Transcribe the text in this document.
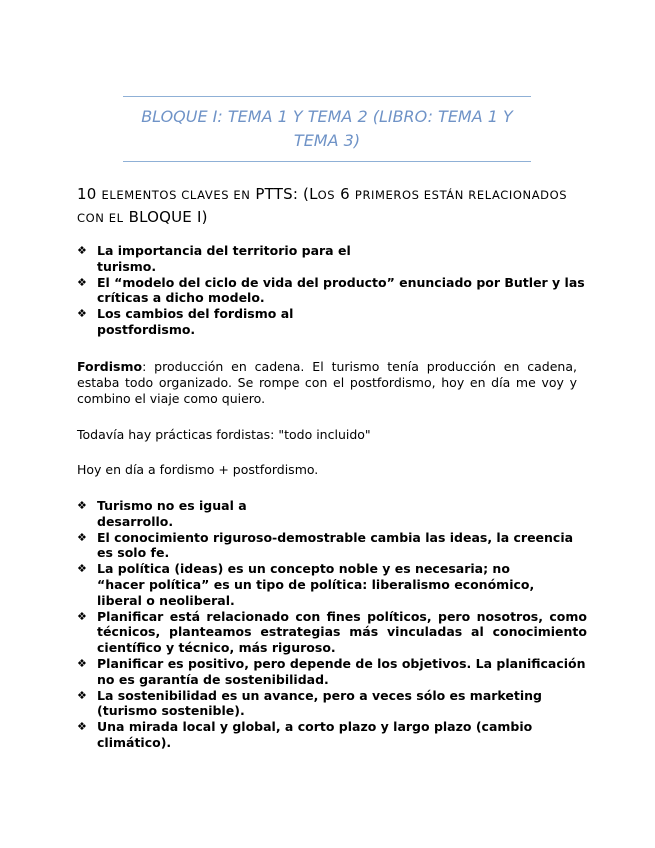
BLOQUE I: TEMA 1 Y TEMA 2 (LIBRO: TEMA 1 Y TEMA 3)
10 ELEMENTOS CLAVES EN PTTS: (LOS 6 PRIMEROS ESTÁN RELACIONADOS CON EL BLOQUE I)
❖ La importancia del territorio para el turismo.
❖ El “modelo del ciclo de vida del producto” enunciado por Butler y las críticas a dicho modelo.
❖ Los cambios del fordismo al postfordismo.

Fordismo: producción en cadena. El turismo tenía producción en cadena, estaba todo organizado. Se rompe con el postfordismo, hoy en día me voy y combino el viaje como quiero.

Todavía hay prácticas fordistas: "todo incluido"

Hoy en día a fordismo + postfordismo.

❖ Turismo no es igual a desarrollo.
❖ El conocimiento riguroso-demostrable cambia las ideas, la creencia es solo fe.
❖ La política (ideas) es un concepto noble y es necesaria; no “hacer política” es un tipo de política: liberalismo económico, liberal o neoliberal.
❖ Planificar está relacionado con fines políticos, pero nosotros, como técnicos, planteamos estrategias más vinculadas al conocimiento científico y técnico, más riguroso.
❖ Planificar es positivo, pero depende de los objetivos. La planificación no es garantía de sostenibilidad.
❖ La sostenibilidad es un avance, pero a veces sólo es marketing (turismo sostenible).
❖ Una mirada local y global, a corto plazo y largo plazo (cambio climático).
